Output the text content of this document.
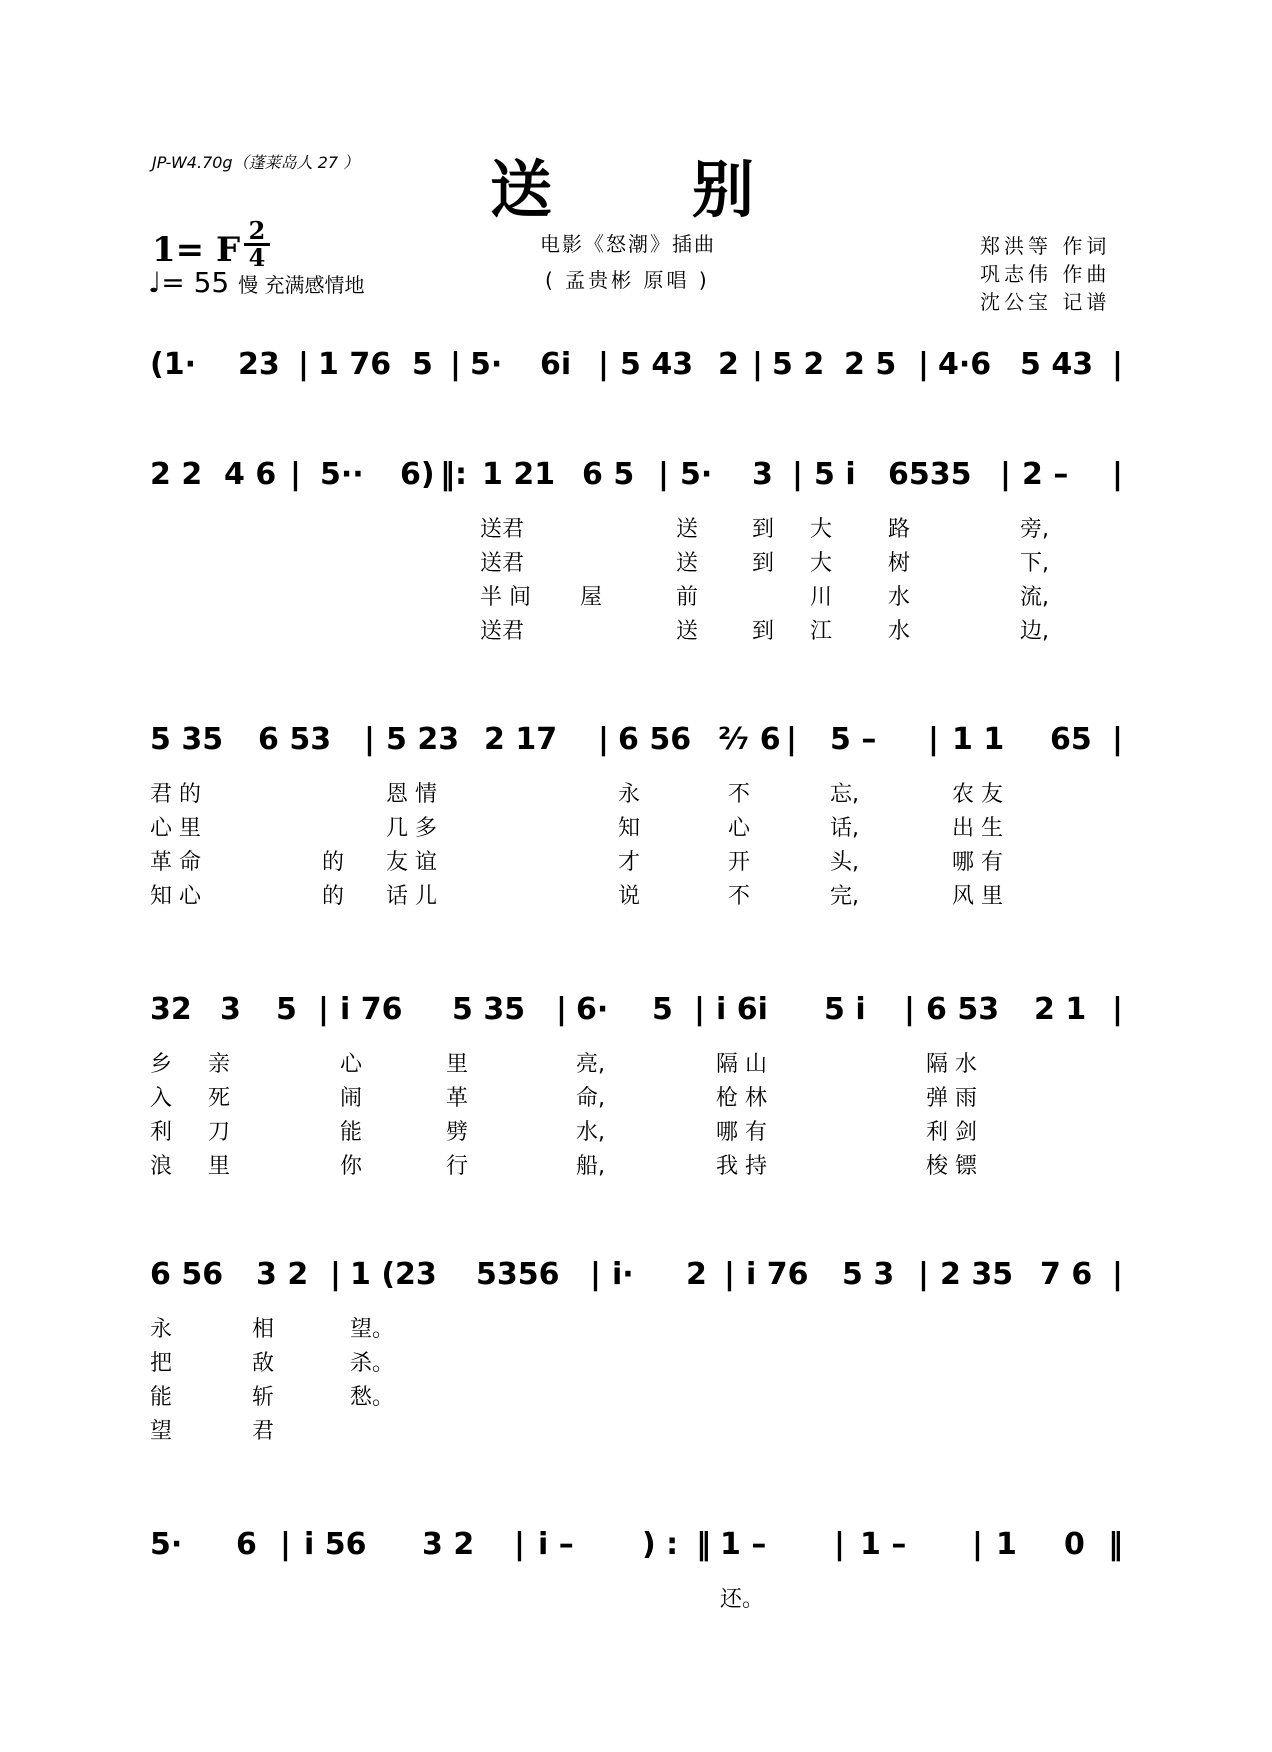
JP-W4.70g（蓬莱岛人 27 ） 送别
1= F 2
4
♩= 55 慢 充满感情地
电影《怒潮》插曲
( 孟贵彬 原唱 )
郑洪等 作词
巩志伟 作曲
沈公宝 记谱
(1· 23 | 1 76 5 | 5· 6i | 5 43 2 | 5 2 2 5 | 4·6 5 43 |
2 2 4 6 | 5·· 6) ‖: 1 21 6 5 | 5· 3 | 5 i 6535 | 2 – |
送君	送 到 大	路	旁,
送君	送 到 大	树	下,
半 间 屋	前	川	水	流,
送君	送 到 江	水	边,
5 35 6 53 | 5 23 2 17 | 6 56 ²⁄₇ 6 | 5 – | 1 1 65 |
君 的	恩 情	永	不	忘,	农 友
心 里	几 多	知	心	话,	出 生
革 命	的 友 谊	才	开	头,	哪 有
知 心	的 话 儿	说	不	完,	风 里
32 3 5 | i 76 5 35 | 6· 5 | i 6i 5 i | 6 53 2 1 |
乡 亲	心	里	亮,	隔 山	隔 水
入 死	闹	革	命,	枪 林	弹 雨
利 刀	能	劈	水,	哪 有	利 剑
浪 里	你	行	船,	我 持	梭 镖
6 56 3 2 | 1 (23 5356 | i· 2 | i 76 5 3 | 2 35 7 6 |
永	相	望。
把	敌	杀。
能	斩	愁。
望	君
5· 6 | i 56 3 2 | i – ) : ‖ 1 – | 1 – | 1 0 ‖
还。
